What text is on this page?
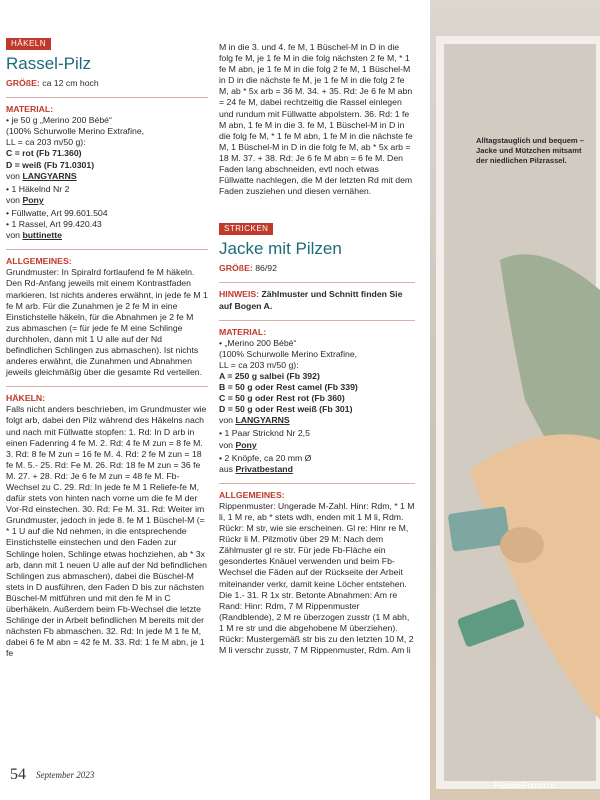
HÄKELN
Rassel-Pilz

GRÖßE: ca 12 cm hoch

MATERIAL:

• je 50 g „Merino 200 Bébé“

(100% Schurwolle Merino Extrafine,

LL = ca 203 m/50 g):

C = rot (Fb 71.360)

D = weiß (Fb 71.0301)

von LANGYARNS

• 1 Häkelnd Nr 2

von Pony

• Füllwatte, Art 99.601.504

• 1 Rassel, Art 99.420.43

von buttinette

ALLGEMEINES:

Grundmuster: In Spiralrd fortlaufend fe M häkeln. Den Rd-Anfang jeweils mit einem Kontrastfaden markieren. Ist nichts anderes erwähnt, in jede fe M 1 fe M arb. Für die Zunahmen je 2 fe M in eine Einstichstelle häkeln, für die Abnahmen je 2 fe M zus abmaschen (= für jede fe M eine Schlinge durchholen, dann mit 1 U alle auf der Nd befindlichen Schlingen zus abmaschen). Ist nichts anderes erwähnt, die Zunahmen und Abnahmen jeweils gleichmäßig über die gesamte Rd verteilen.

HÄKELN:

Falls nicht anders beschrieben, im Grundmuster wie folgt arb, dabei den Pilz während des Häkelns nach und nach mit Füllwatte stopfen: 1. Rd: In D arb in einen Fadenring 4 fe M. 2. Rd: 4 fe M zun = 8 fe M. 3. Rd: 8 fe M zun = 16 fe M. 4. Rd: 2 fe M zun = 18 fe M. 5.- 25. Rd: Fe M. 26. Rd: 18 fe M zun = 36 fe M. 27. + 28. Rd: Je 6 fe M zun = 48 fe M. Fb-Wechsel zu C. 29. Rd: In jede fe M 1 Reliefe-fe M, dafür stets von hinten nach vorne um die fe M der Vor-Rd einstechen. 30. Rd: Fe M. 31. Rd: Weiter im Grundmuster, jedoch in jede 8. fe M 1 Büschel-M (= * 1 U auf die Nd nehmen, in die entsprechende Einstichstelle einstechen und den Faden zur Schlinge holen, Schlinge etwas hochziehen, ab * 3x arb, dann mit 1 neuen U alle auf der Nd befindlichen Schlingen zus abmaschen), dabei die Büschel-M stets in D ausführen, den Faden D bis zur nächsten Büschel-M mitführen und mit den fe M in C überhäkeln. Außerdem beim Fb-Wechsel die letzte Schlinge der in Arbeit befindlichen M bereits mit der nächsten Fb abmaschen. 32. Rd: In jede M 1 fe M, dabei 6 fe M abn = 42 fe M. 33. Rd: 1 fe M abn, je 1 fe

M in die 3. und 4. fe M, 1 Büschel-M in D in die folg fe M, je 1 fe M in die folg nächsten 2 fe M, * 1 fe M abn, je 1 fe M in die folg 2 fe M, 1 Büschel-M in D in die nächste fe M, je 1 fe M in die folg 2 fe M, ab * 5x arb = 36 M. 34. + 35. Rd: Je 6 fe M abn = 24 fe M, dabei rechtzeitig die Rassel einlegen und rundum mit Füllwatte abpolstern. 36. Rd: 1 fe M abn, 1 fe M in die 3. fe M, 1 Büschel-M in D in die folg fe M, * 1 fe M abn, 1 fe M in die nächste fe M, 1 Büschel-M in D in die folg fe M, ab * 5x arb = 18 M. 37. + 38. Rd: Je 6 fe M abn = 6 fe M. Den Faden lang abschneiden, evtl noch etwas Füllwatte nachlegen, die M der letzten Rd mit dem Faden zusziehen und diesen vernähen.

STRICKEN
Jacke mit Pilzen

GRÖßE: 86/92

HINWEIS: Zählmuster und Schnitt finden Sie auf Bogen A.

MATERIAL:

• „Merino 200 Bébé“

(100% Schurwolle Merino Extrafine,

LL = ca 203 m/50 g):

A = 250 g salbei (Fb 392)

B = 50 g oder Rest camel (Fb 339)

C = 50 g oder Rest rot (Fb 360)

D = 50 g oder Rest weiß (Fb 301)

von LANGYARNS

• 1 Paar Stricknd Nr 2,5

von Pony

• 2 Knöpfe, ca 20 mm Ø

aus Privatbestand

ALLGEMEINES:

Rippenmuster: Ungerade M-Zahl. Hinr: Rdm, * 1 M li, 1 M re, ab * stets wdh, enden mit 1 M li, Rdm. Rückr: M str, wie sie erscheinen. Gl re: Hinr re M, Rückr li M. Pilzmotiv über 29 M: Nach dem Zählmuster gl re str. Für jede Fb-Fläche ein gesondertes Knäuel verwenden und beim Fb-Wechsel die Fäden auf der Rückseite der Arbeit miteinander verkr, damit keine Löcher entstehen. Die 1.- 31. R 1x str. Betonte Abnahmen: Am re Rand: Hinr: Rdm, 7 M Rippenmuster (Randblende), 2 M re überzogen zusstr (1 M abh, 1 M re str und die abgehobene M überziehen). Rückr: Mustergemäß str bis zu den letzten 10 M, 2 M li verschr zusstr, 7 M Rippenmuster, Rdm. Am li

Alltagstauglich und bequem – Jacke und Mützchen mitsamt der niedlichen Pilzrassel.

54 September 2023
PassionForum.ru
